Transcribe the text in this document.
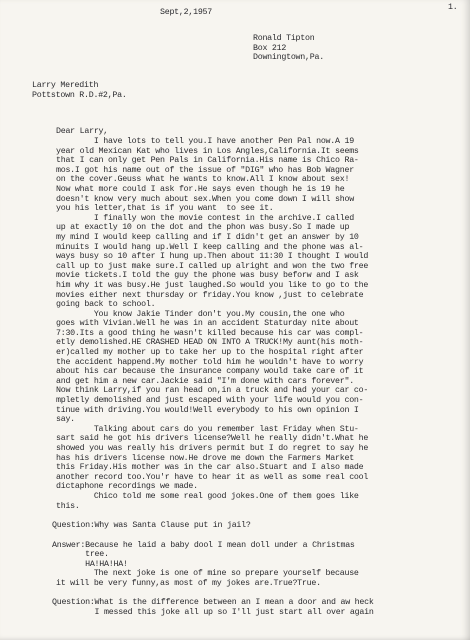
1.
Sept,2,1957
Ronald Tipton
Box 212
Downingtown,Pa.
Larry Meredith
Pottstown R.D.#2,Pa.
Dear Larry,
I have lots to tell you.I have another Pen Pal now.A 19
year old Mexican Kat who lives in Los Angles,California.It seems
that I can only get Pen Pals in California.His name is Chico Ra-
mos.I got his name out of the issue of "DIG" who has Bob Wagner
on the cover.Geuss what he wants to know.All I know about sex!
Now what more could I ask for.He says even though he is 19 he
doesn't know very much about sex.When you come down I will show
you his letter,that is if you want  to see it.
I finally won the movie contest in the archive.I called
up at exactly 10 on the dot and the phon was busy.So I made up
my mind I would keep calling and if I didn't get an answer by 10
minuits I would hang up.Well I keep calling and the phone was al-
ways busy so 10 after I hung up.Then about 11:30 I thought I would
call up to just make sure.I called up alright and won the two free
movie tickets.I told the guy the phone was busy beforw and I ask
him why it was busy.He just laughed.So would you like to go to the
movies either next thursday or friday.You know ,just to celebrate
going back to school.
You know Jakie Tinder don't you.My cousin,the one who
goes with Vivian.Well he was in an accident Staturday nite about
7:30.Its a good thing he wasn't killed because his car was compl-
etly demolished.HE CRASHED HEAD ON INTO A TRUCK!My aunt(his moth-
er)called my mother up to take her up to the hospital right after
the accident happend.My mother told him he wouldn't have to worry
about his car because the insurance company would take care of it
and get him a new car.Jackie said "I'm done with cars forever".
Now think Larry,if you ran head on,in a truck and had your car co-
mpletly demolished and just escaped with your life would you con-
tinue with driving.You would!Well everybody to his own opinion I
say.
Talking about cars do you remember last Friday when Stu-
sart said he got his drivers license?Well he really didn't.What he
showed you was really his drivers permit but I do regret to say he
has his drivers license now.He drove me down the Farmers Market
this Friday.His mother was in the car also.Stuart and I also made
another record too.You'r have to hear it as well as some real cool
dictaphone recordings we made.
Chico told me some real good jokes.One of them goes like
this.
Question:Why was Santa Clause put in jail?

Answer:Because he laid a baby dool I mean doll under a Christmas
tree.
HA!HA!HA!
The next joke is one of mine so prepare yourself because
it will be very funny,as most of my jokes are.True?True.

Question:What is the difference between an I mean a door and aw heck
I messed this joke all up so I'll just start all over again
